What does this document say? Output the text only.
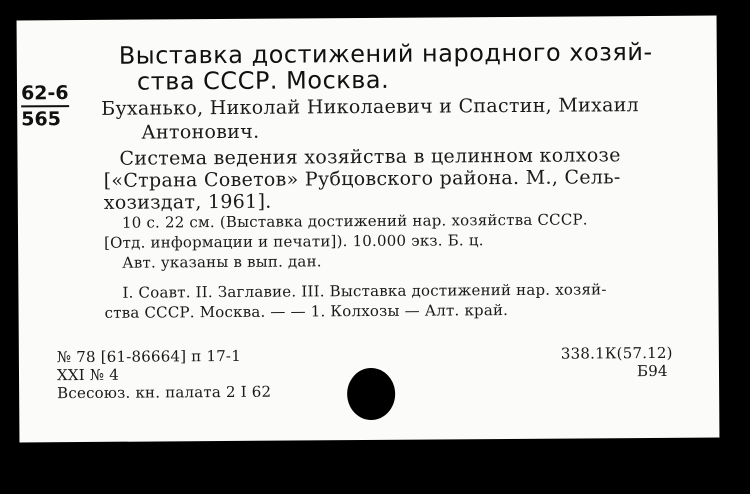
Выставка достижений народного хозяй-
ства СССР. Москва.
62-6
565 Буханько, Николай Николаевич и Спастин, Михаил
Антонович.
Система ведения хозяйства в целинном колхозе
[«Страна Советов» Рубцовского района. М., Сель-
хозиздат, 1961].
10 с. 22 см. (Выставка достижений нар. хозяйства СССР.
[Отд. информации и печати]). 10.000 экз. Б. ц.
Авт. указаны в вып. дан.
I. Соавт. II. Заглавие. III. Выставка достижений нар. хозяй-
ства СССР. Москва. — — 1. Колхозы — Алт. край.
№ 78 [61-86664] п 17-1
XXI № 4
Всесоюз. кн. палата 2 I 62
338.1К(57.12)
Б94
